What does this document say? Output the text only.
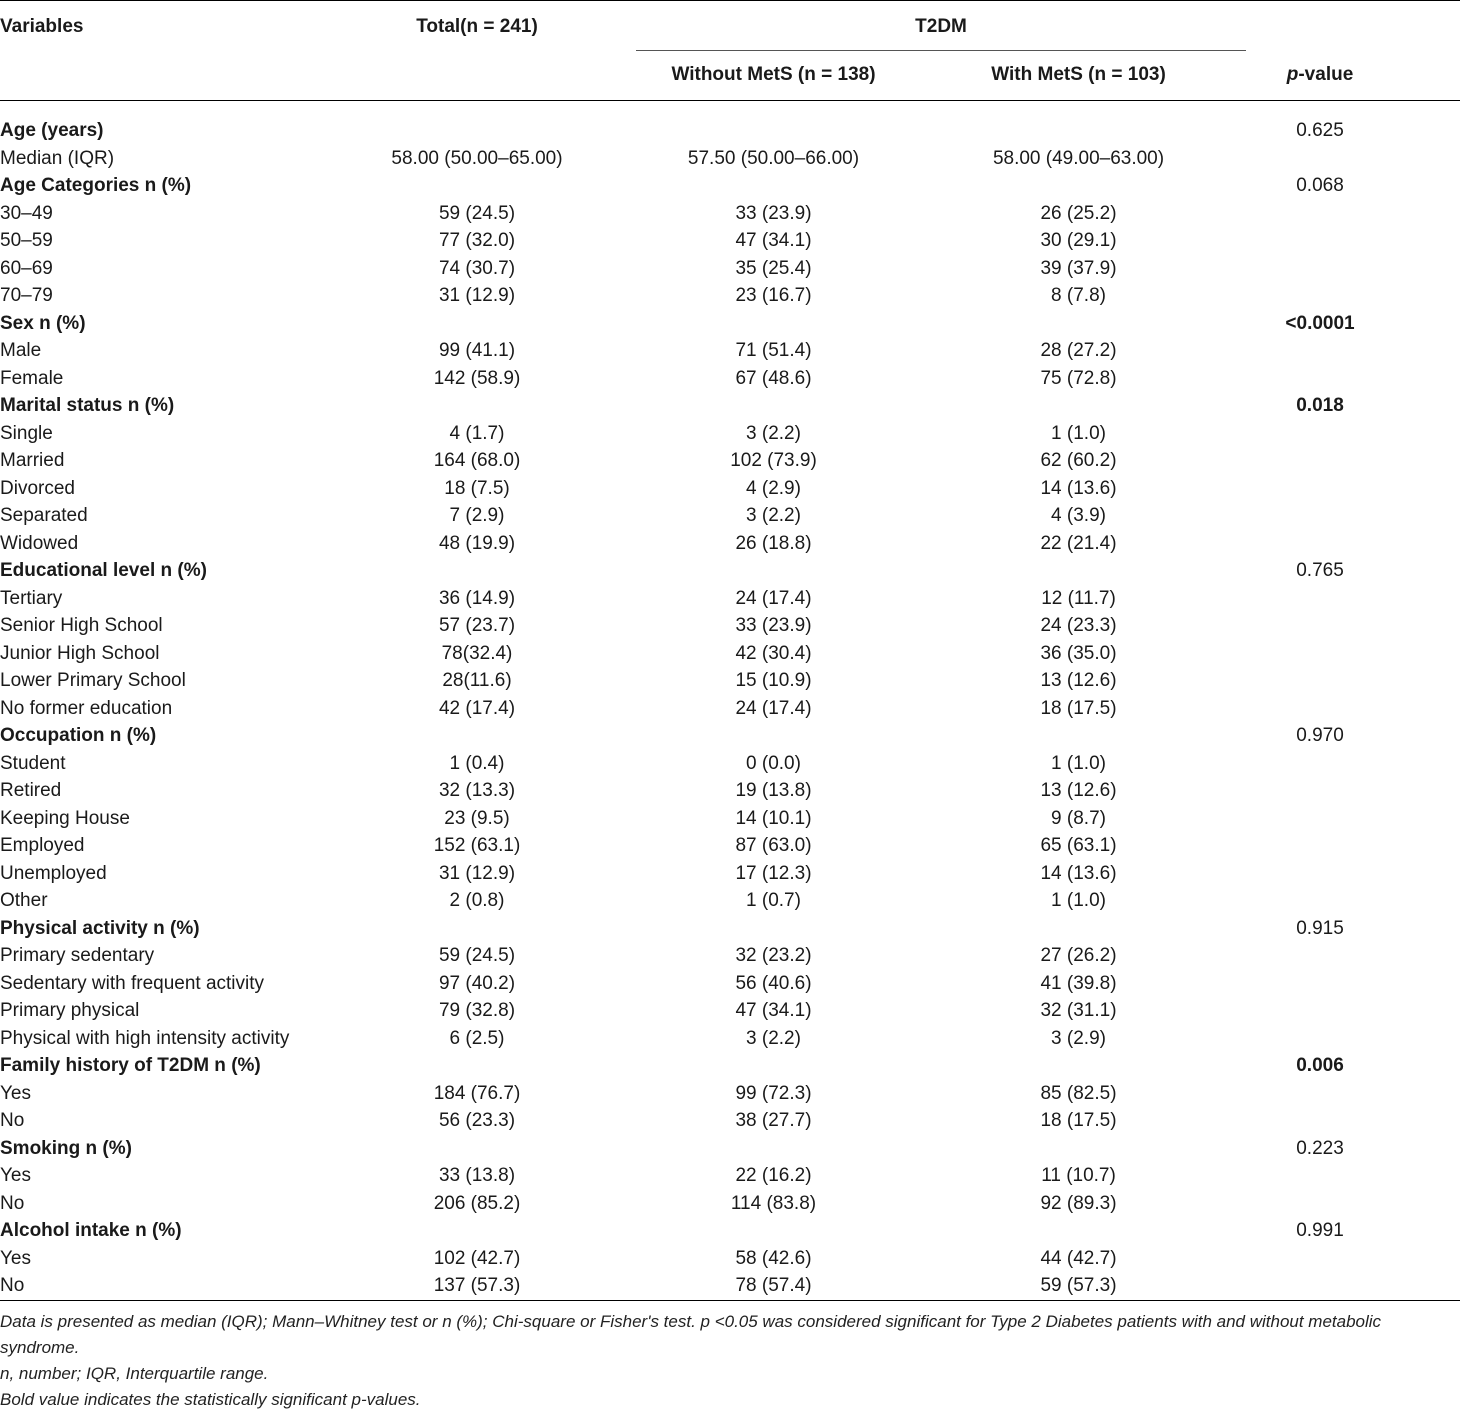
Variables	Total(n = 241)	T2DM	

		Without MetS (n = 138)	With MetS (n = 103)	p-value
Age (years)				0.625
Median (IQR)	58.00 (50.00–65.00)	57.50 (50.00–66.00)	58.00 (49.00–63.00)	
Age Categories n (%)				0.068
30–49	59 (24.5)	33 (23.9)	26 (25.2)	
50–59	77 (32.0)	47 (34.1)	30 (29.1)	
60–69	74 (30.7)	35 (25.4)	39 (37.9)	
70–79	31 (12.9)	23 (16.7)	8 (7.8)	
Sex n (%)				<0.0001
Male	99 (41.1)	71 (51.4)	28 (27.2)	
Female	142 (58.9)	67 (48.6)	75 (72.8)	
Marital status n (%)				0.018
Single	4 (1.7)	3 (2.2)	1 (1.0)	
Married	164 (68.0)	102 (73.9)	62 (60.2)	
Divorced	18 (7.5)	4 (2.9)	14 (13.6)	
Separated	7 (2.9)	3 (2.2)	4 (3.9)	
Widowed	48 (19.9)	26 (18.8)	22 (21.4)	
Educational level n (%)				0.765
Tertiary	36 (14.9)	24 (17.4)	12 (11.7)	
Senior High School	57 (23.7)	33 (23.9)	24 (23.3)	
Junior High School	78(32.4)	42 (30.4)	36 (35.0)	
Lower Primary School	28(11.6)	15 (10.9)	13 (12.6)	
No former education	42 (17.4)	24 (17.4)	18 (17.5)	
Occupation n (%)				0.970
Student	1 (0.4)	0 (0.0)	1 (1.0)	
Retired	32 (13.3)	19 (13.8)	13 (12.6)	
Keeping House	23 (9.5)	14 (10.1)	9 (8.7)	
Employed	152 (63.1)	87 (63.0)	65 (63.1)	
Unemployed	31 (12.9)	17 (12.3)	14 (13.6)	
Other	2 (0.8)	1 (0.7)	1 (1.0)	
Physical activity n (%)				0.915
Primary sedentary	59 (24.5)	32 (23.2)	27 (26.2)	
Sedentary with frequent activity	97 (40.2)	56 (40.6)	41 (39.8)	
Primary physical	79 (32.8)	47 (34.1)	32 (31.1)	
Physical with high intensity activity	6 (2.5)	3 (2.2)	3 (2.9)	
Family history of T2DM n (%)				0.006
Yes	184 (76.7)	99 (72.3)	85 (82.5)	
No	56 (23.3)	38 (27.7)	18 (17.5)	
Smoking n (%)				0.223
Yes	33 (13.8)	22 (16.2)	11 (10.7)	
No	206 (85.2)	114 (83.8)	92 (89.3)	
Alcohol intake n (%)				0.991
Yes	102 (42.7)	58 (42.6)	44 (42.7)	
No	137 (57.3)	78 (57.4)	59 (57.3)	

Data is presented as median (IQR); Mann–Whitney test or n (%); Chi-square or Fisher's test. p <0.05 was considered significant for Type 2 Diabetes patients with and without metabolic syndrome.

n, number; IQR, Interquartile range.

Bold value indicates the statistically significant p-values.
